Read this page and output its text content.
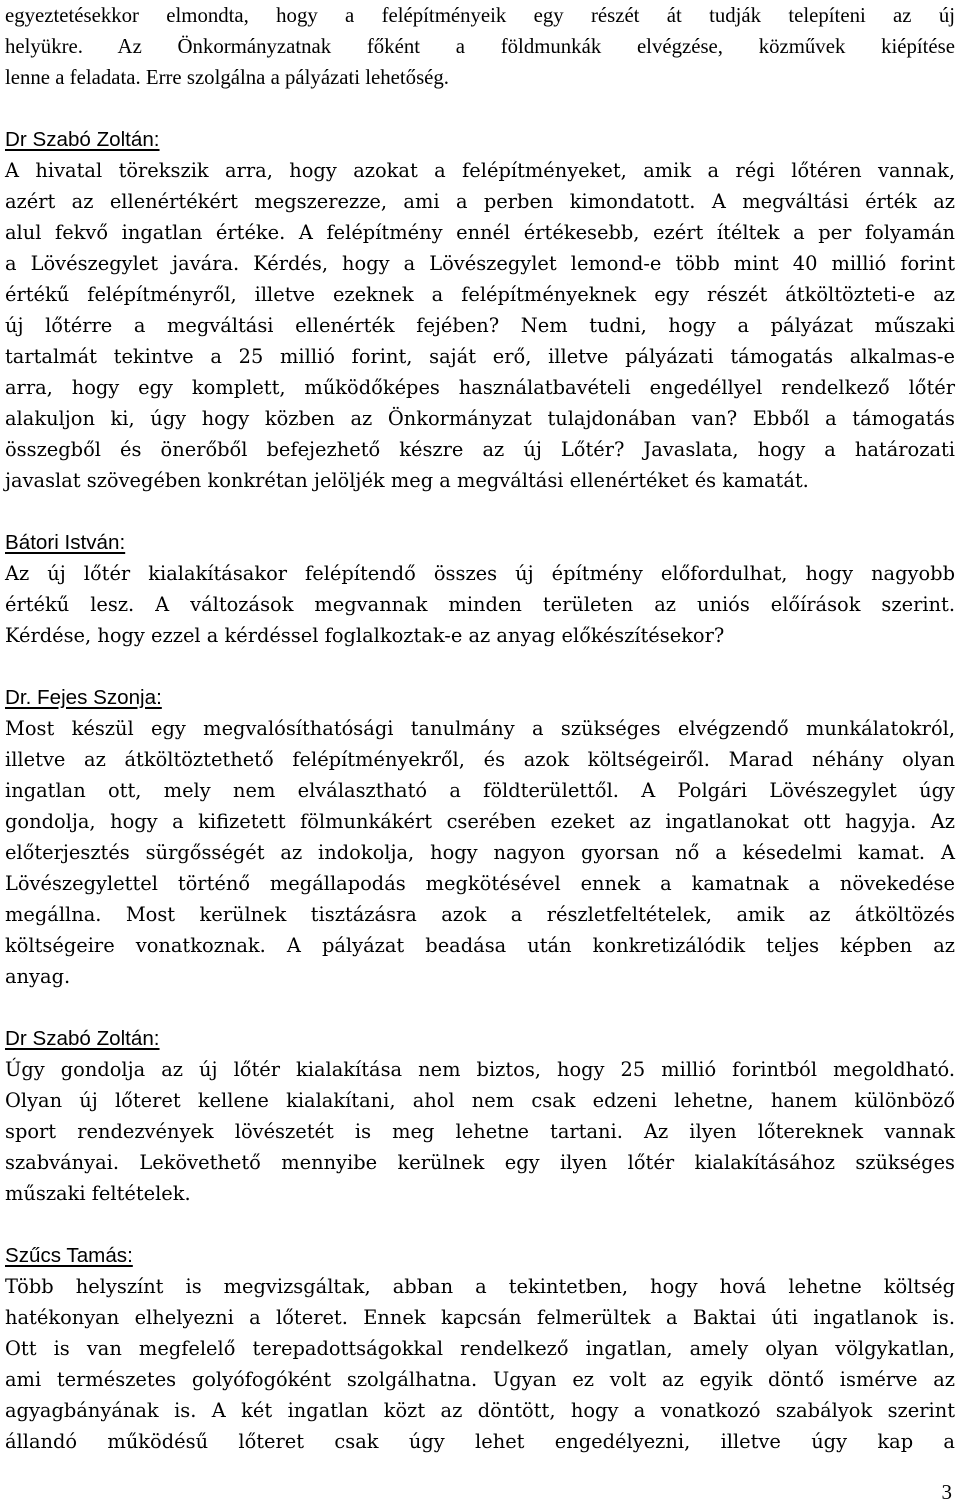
egyeztetésekkor elmondta, hogy a felépítményeik egy részét át tudják telepíteni az új
helyükre. Az Önkormányzatnak főként a földmunkák elvégzése, közművek kiépítése
lenne a feladata. Erre szolgálna a pályázati lehetőség.
Dr Szabó Zoltán:
A hivatal törekszik arra, hogy azokat a felépítményeket, amik a régi lőtéren vannak,
azért az ellenértékért megszerezze, ami a perben kimondatott. A megváltási érték az
alul fekvő ingatlan értéke. A felépítmény ennél értékesebb, ezért ítéltek a per folyamán
a Lövészegylet javára. Kérdés, hogy a Lövészegylet lemond-e több mint 40 millió forint
értékű felépítményről, illetve ezeknek a felépítményeknek egy részét átköltözteti-e az
új lőtérre a megváltási ellenérték fejében? Nem tudni, hogy a pályázat műszaki
tartalmát tekintve a 25 millió forint, saját erő, illetve pályázati támogatás alkalmas-e
arra, hogy egy komplett, működőképes használatbavételi engedéllyel rendelkező lőtér
alakuljon ki, úgy hogy közben az Önkormányzat tulajdonában van? Ebből a támogatás
összegből és önerőből befejezhető készre az új Lőtér? Javaslata, hogy a határozati
javaslat szövegében konkrétan jelöljék meg a megváltási ellenértéket és kamatát.
Bátori István:
Az új lőtér kialakításakor felépítendő összes új építmény előfordulhat, hogy nagyobb
értékű lesz. A változások megvannak minden területen az uniós előírások szerint.
Kérdése, hogy ezzel a kérdéssel foglalkoztak-e az anyag előkészítésekor?
Dr. Fejes Szonja:
Most készül egy megvalósíthatósági tanulmány a szükséges elvégzendő munkálatokról,
illetve az átköltöztethető felépítményekről, és azok költségeiről. Marad néhány olyan
ingatlan ott, mely nem elválasztható a földterülettől. A Polgári Lövészegylet úgy
gondolja, hogy a kifizetett fölmunkákért cserében ezeket az ingatlanokat ott hagyja. Az
előterjesztés sürgősségét az indokolja, hogy nagyon gyorsan nő a késedelmi kamat. A
Lövészegylettel történő megállapodás megkötésével ennek a kamatnak a növekedése
megállna. Most kerülnek tisztázásra azok a részletfeltételek, amik az átköltözés
költségeire vonatkoznak. A pályázat beadása után konkretizálódik teljes képben az
anyag.
Dr Szabó Zoltán:
Úgy gondolja az új lőtér kialakítása nem biztos, hogy 25 millió forintból megoldható.
Olyan új lőteret kellene kialakítani, ahol nem csak edzeni lehetne, hanem különböző
sport rendezvények lövészetét is meg lehetne tartani. Az ilyen lőtereknek vannak
szabványai. Lekövethető mennyibe kerülnek egy ilyen lőtér kialakításához szükséges
műszaki feltételek.
Szűcs Tamás:
Több helyszínt is megvizsgáltak, abban a tekintetben, hogy hová lehetne költség
hatékonyan elhelyezni a lőteret. Ennek kapcsán felmerültek a Baktai úti ingatlanok is.
Ott is van megfelelő terepadottságokkal rendelkező ingatlan, amely olyan völgykatlan,
ami természetes golyófogóként szolgálhatna. Ugyan ez volt az egyik döntő ismérve az
agyagbányának is. A két ingatlan közt az döntött, hogy a vonatkozó szabályok szerint
állandó működésű lőteret csak úgy lehet engedélyezni, illetve úgy kap a
3
